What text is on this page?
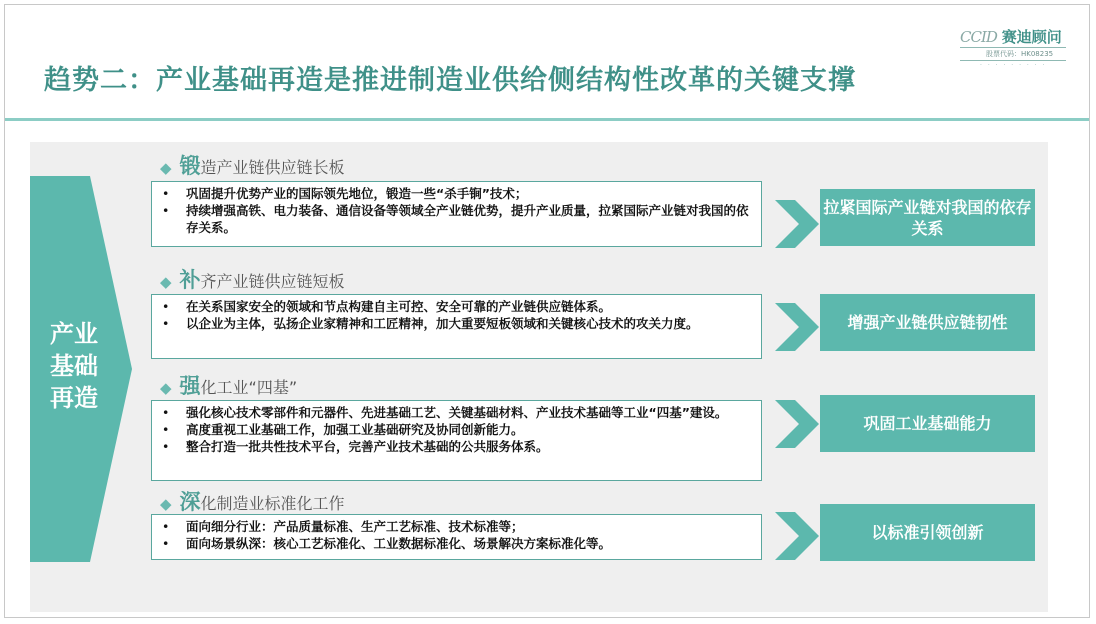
趋势二：产业基础再造是推进制造业供给侧结构性改革的关键支撑
CCID 赛迪顾问
股票代码：HK08235
· · · · · · · · ·
产业
基础
再造
◆ 锻造产业链供应链长板
• 巩固提升优势产业的国际领先地位，锻造一些“杀手锏”技术；
• 持续增强高铁、电力装备、通信设备等领域全产业链优势，提升产业质量，拉紧国际产业链对我国的依存关系。
拉紧国际产业链对我国的依存关系
◆ 补齐产业链供应链短板
• 在关系国家安全的领域和节点构建自主可控、安全可靠的产业链供应链体系。
• 以企业为主体，弘扬企业家精神和工匠精神，加大重要短板领域和关键核心技术的攻关力度。	增强产业链供应链韧性
◆ 强化工业“四基”
• 强化核心技术零部件和元器件、先进基础工艺、关键基础材料、产业技术基础等工业“四基”建设。
• 高度重视工业基础工作，加强工业基础研究及协同创新能力。
• 整合打造一批共性技术平台，完善产业技术基础的公共服务体系。
巩固工业基础能力
◆ 深化制造业标准化工作
• 面向细分行业：产品质量标准、生产工艺标准、技术标准等；
• 面向场景纵深：核心工艺标准化、工业数据标准化、场景解决方案标准化等。
以标准引领创新
